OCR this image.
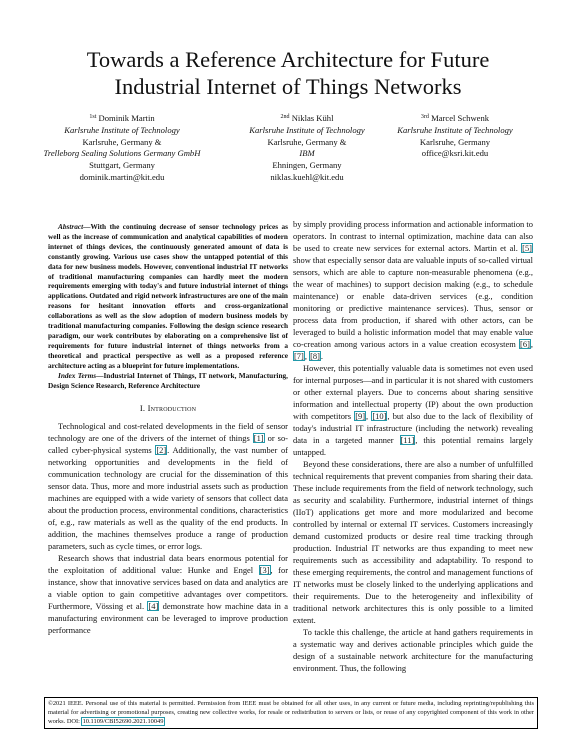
Towards a Reference Architecture for Future
Industrial Internet of Things Networks
$^{1st}$ Dominik Martin
Karlsruhe Institute of Technology
Karlsruhe, Germany &
Trelleborg Sealing Solutions Germany GmbH
Stuttgart, Germany
dominik.martin@kit.edu
$^{2nd}$ Niklas Kühl
Karlsruhe Institute of Technology
Karlsruhe, Germany &
IBM
Ehningen, Germany
niklas.kuehl@kit.edu
$^{3rd}$ Marcel Schwenk
Karlsruhe Institute of Technology
Karlsruhe, Germany
office@ksri.kit.edu

Abstract—With the continuing decrease of sensor technology prices as well as the increase of communication and analytical capabilities of modern internet of things devices, the continuously generated amount of data is constantly growing. Various use cases show the untapped potential of this data for new business models. However, conventional industrial IT networks of traditional manufacturing companies can hardly meet the modern requirements emerging with today's and future industrial internet of things applications. Outdated and rigid network infrastructures are one of the main reasons for hesitant innovation efforts and cross-organizational collaborations as well as the slow adoption of modern business models by traditional manufacturing companies. Following the design science research paradigm, our work contributes by elaborating on a comprehensive list of requirements for future industrial internet of things networks from a theoretical and practical perspective as well as a proposed reference architecture acting as a blueprint for future implementations.

Index Terms—Industrial Internet of Things, IT network, Manufacturing, Design Science Research, Reference Architecture

I. Introduction

Technological and cost-related developments in the field of sensor technology are one of the drivers of the internet of things [1] or so-called cyber-physical systems [2]. Additionally, the vast number of networking opportunities and developments in the field of communication technology are crucial for the dissemination of this sensor data. Thus, more and more industrial assets such as production machines are equipped with a wide variety of sensors that collect data about the production process, environmental conditions, characteristics of, e.g., raw materials as well as the quality of the end products. In addition, the machines themselves produce a range of production parameters, such as cycle times, or error logs.

Research shows that industrial data bears enormous potential for the exploitation of additional value: Hunke and Engel [3], for instance, show that innovative services based on data and analytics are a viable option to gain competitive advantages over competitors. Furthermore, Vössing et al. [4] demonstrate how machine data in a manufacturing environment can be leveraged to improve production performance

by simply providing process information and actionable information to operators. In contrast to internal optimization, machine data can also be used to create new services for external actors. Martin et al. [5] show that especially sensor data are valuable inputs of so-called virtual sensors, which are able to capture non-measurable phenomena (e.g., the wear of machines) to support decision making (e.g., to schedule maintenance) or enable data-driven services (e.g., condition monitoring or predictive maintenance services). Thus, sensor or process data from production, if shared with other actors, can be leveraged to build a holistic information model that may enable value co-creation among various actors in a value creation ecosystem [6], [7], [8].

However, this potentially valuable data is sometimes not even used for internal purposes—and in particular it is not shared with customers or other external players. Due to concerns about sharing sensitive information and intellectual property (IP) about the own production with competitors [9], [10], but also due to the lack of flexibility of today's industrial IT infrastructure (including the network) revealing data in a targeted manner [11], this potential remains largely untapped.

Beyond these considerations, there are also a number of unfulfilled technical requirements that prevent companies from sharing their data. These include requirements from the field of network technology, such as security and scalability. Furthermore, industrial internet of things (IIoT) applications get more and more modularized and become controlled by internal or external IT services. Customers increasingly demand customized products or desire real time tracking through production. Industrial IT networks are thus expanding to meet new requirements such as accessibility and adaptability. To respond to these emerging requirements, the control and management functions of IT networks must be closely linked to the underlying applications and their requirements. Due to the heterogeneity and inflexibility of traditional network architectures this is only possible to a limited extent.

To tackle this challenge, the article at hand gathers requirements in a systematic way and derives actionable principles which guide the design of a sustainable network architecture for the manufacturing environment. Thus, the following

©2021 IEEE. Personal use of this material is permitted. Permission from IEEE must be obtained for all other uses, in any current or future media, including reprinting/republishing this material for advertising or promotional purposes, creating new collective works, for resale or redistribution to servers or lists, or reuse of any copyrighted component of this work in other works. DOI: 10.1109/CBI52690.2021.10049
